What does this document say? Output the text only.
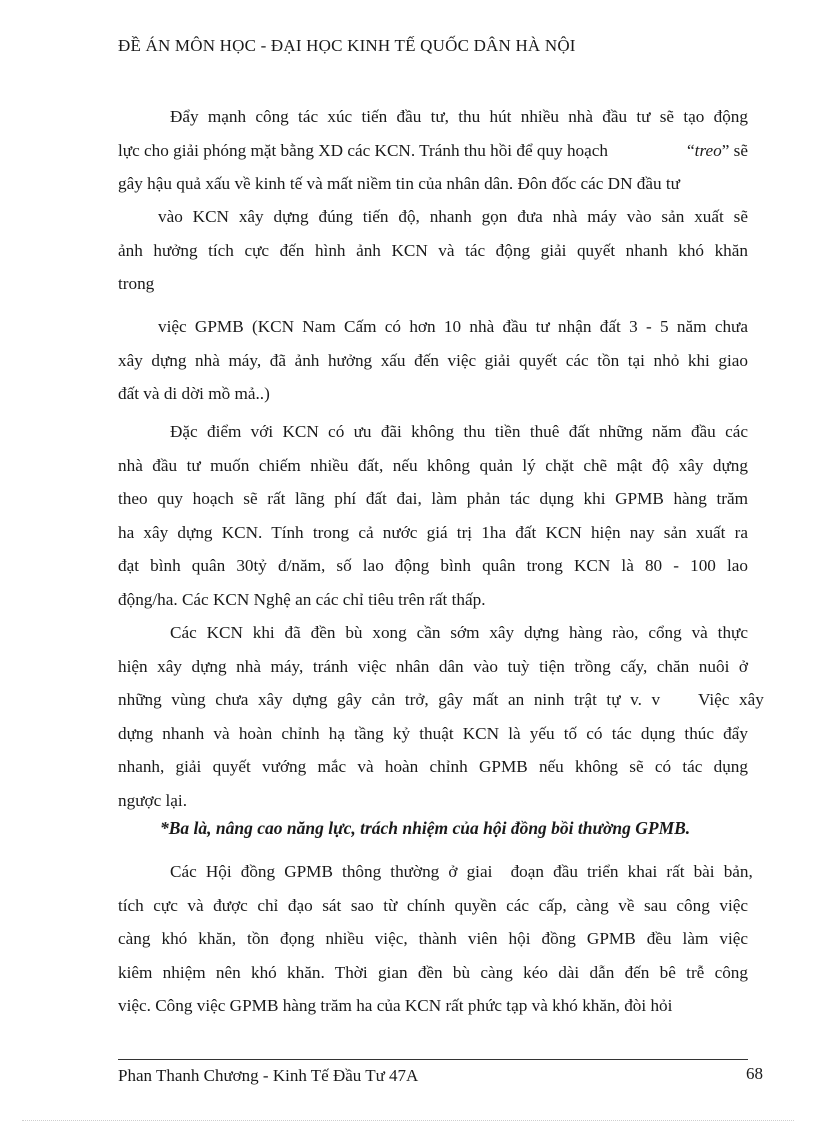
ĐỀ ÁN MÔN HỌC - ĐẠI HỌC KINH TẾ QUỐC DÂN HÀ NỘI
Đẩy mạnh công tác xúc tiến đầu tư, thu hút nhiều nhà đầu tư sẽ tạo động
lực cho giải phóng mặt bằng XD các KCN. Tránh thu hồi để quy hoạch	“treo” sẽ
gây hậu quả xấu về kinh tế và mất niềm tin của nhân dân. Đôn đốc các DN đầu tư
vào KCN xây dựng đúng tiến độ, nhanh gọn đưa nhà máy vào sản xuất sẽ
ảnh hưởng tích cực đến hình ảnh KCN và tác động giải quyết nhanh khó khăn
trong
việc GPMB (KCN Nam Cấm có hơn 10 nhà đầu tư nhận đất 3 - 5 năm chưa
xây dựng nhà máy, đã ảnh hưởng xấu đến việc giải quyết các tồn tại nhỏ khi giao
đất và di dời mồ mả..)
Đặc điểm với KCN có ưu đãi không thu tiền thuê đất những năm đầu các
nhà đầu tư muốn chiếm nhiều đất, nếu không quản lý chặt chẽ mật độ xây dựng
theo quy hoạch sẽ rất lãng phí đất đai, làm phản tác dụng khi GPMB hàng trăm
ha xây dựng KCN. Tính trong cả nước giá trị 1ha đất KCN hiện nay sản xuất ra
đạt bình quân 30tỷ đ/năm, số lao động bình quân trong KCN là 80 - 100 lao
động/ha. Các KCN Nghệ an các chỉ tiêu trên rất thấp.
Các KCN khi đã đền bù xong cần sớm xây dựng hàng rào, cổng và thực
hiện xây dựng nhà máy, tránh việc nhân dân vào tuỳ tiện trồng cấy, chăn nuôi ở
những vùng chưa xây dựng gây cản trở, gây mất an ninh trật tự v. v    Việc xây
dựng nhanh và hoàn chỉnh hạ tầng kỷ thuật KCN là yếu tố có tác dụng thúc đẩy
nhanh, giải quyết vướng mắc và hoàn chỉnh GPMB nếu không sẽ có tác dụng
ngược lại.
*Ba là, nâng cao năng lực, trách nhiệm của hội đồng bồi thường GPMB.
Các Hội đồng GPMB thông thường ở giai  đoạn đầu triển khai rất bài bản,
tích cực và được chỉ đạo sát sao từ chính quyền các cấp, càng về sau công việc
càng khó khăn, tồn đọng nhiều việc, thành viên hội đồng GPMB đều làm việc
kiêm nhiệm nên khó khăn. Thời gian đền bù càng kéo dài dẫn đến bê trễ công
việc. Công việc GPMB hàng trăm ha của KCN rất phức tạp và khó khăn, đòi hỏi
Phan Thanh Chương - Kinh Tế Đầu Tư 47A	68
